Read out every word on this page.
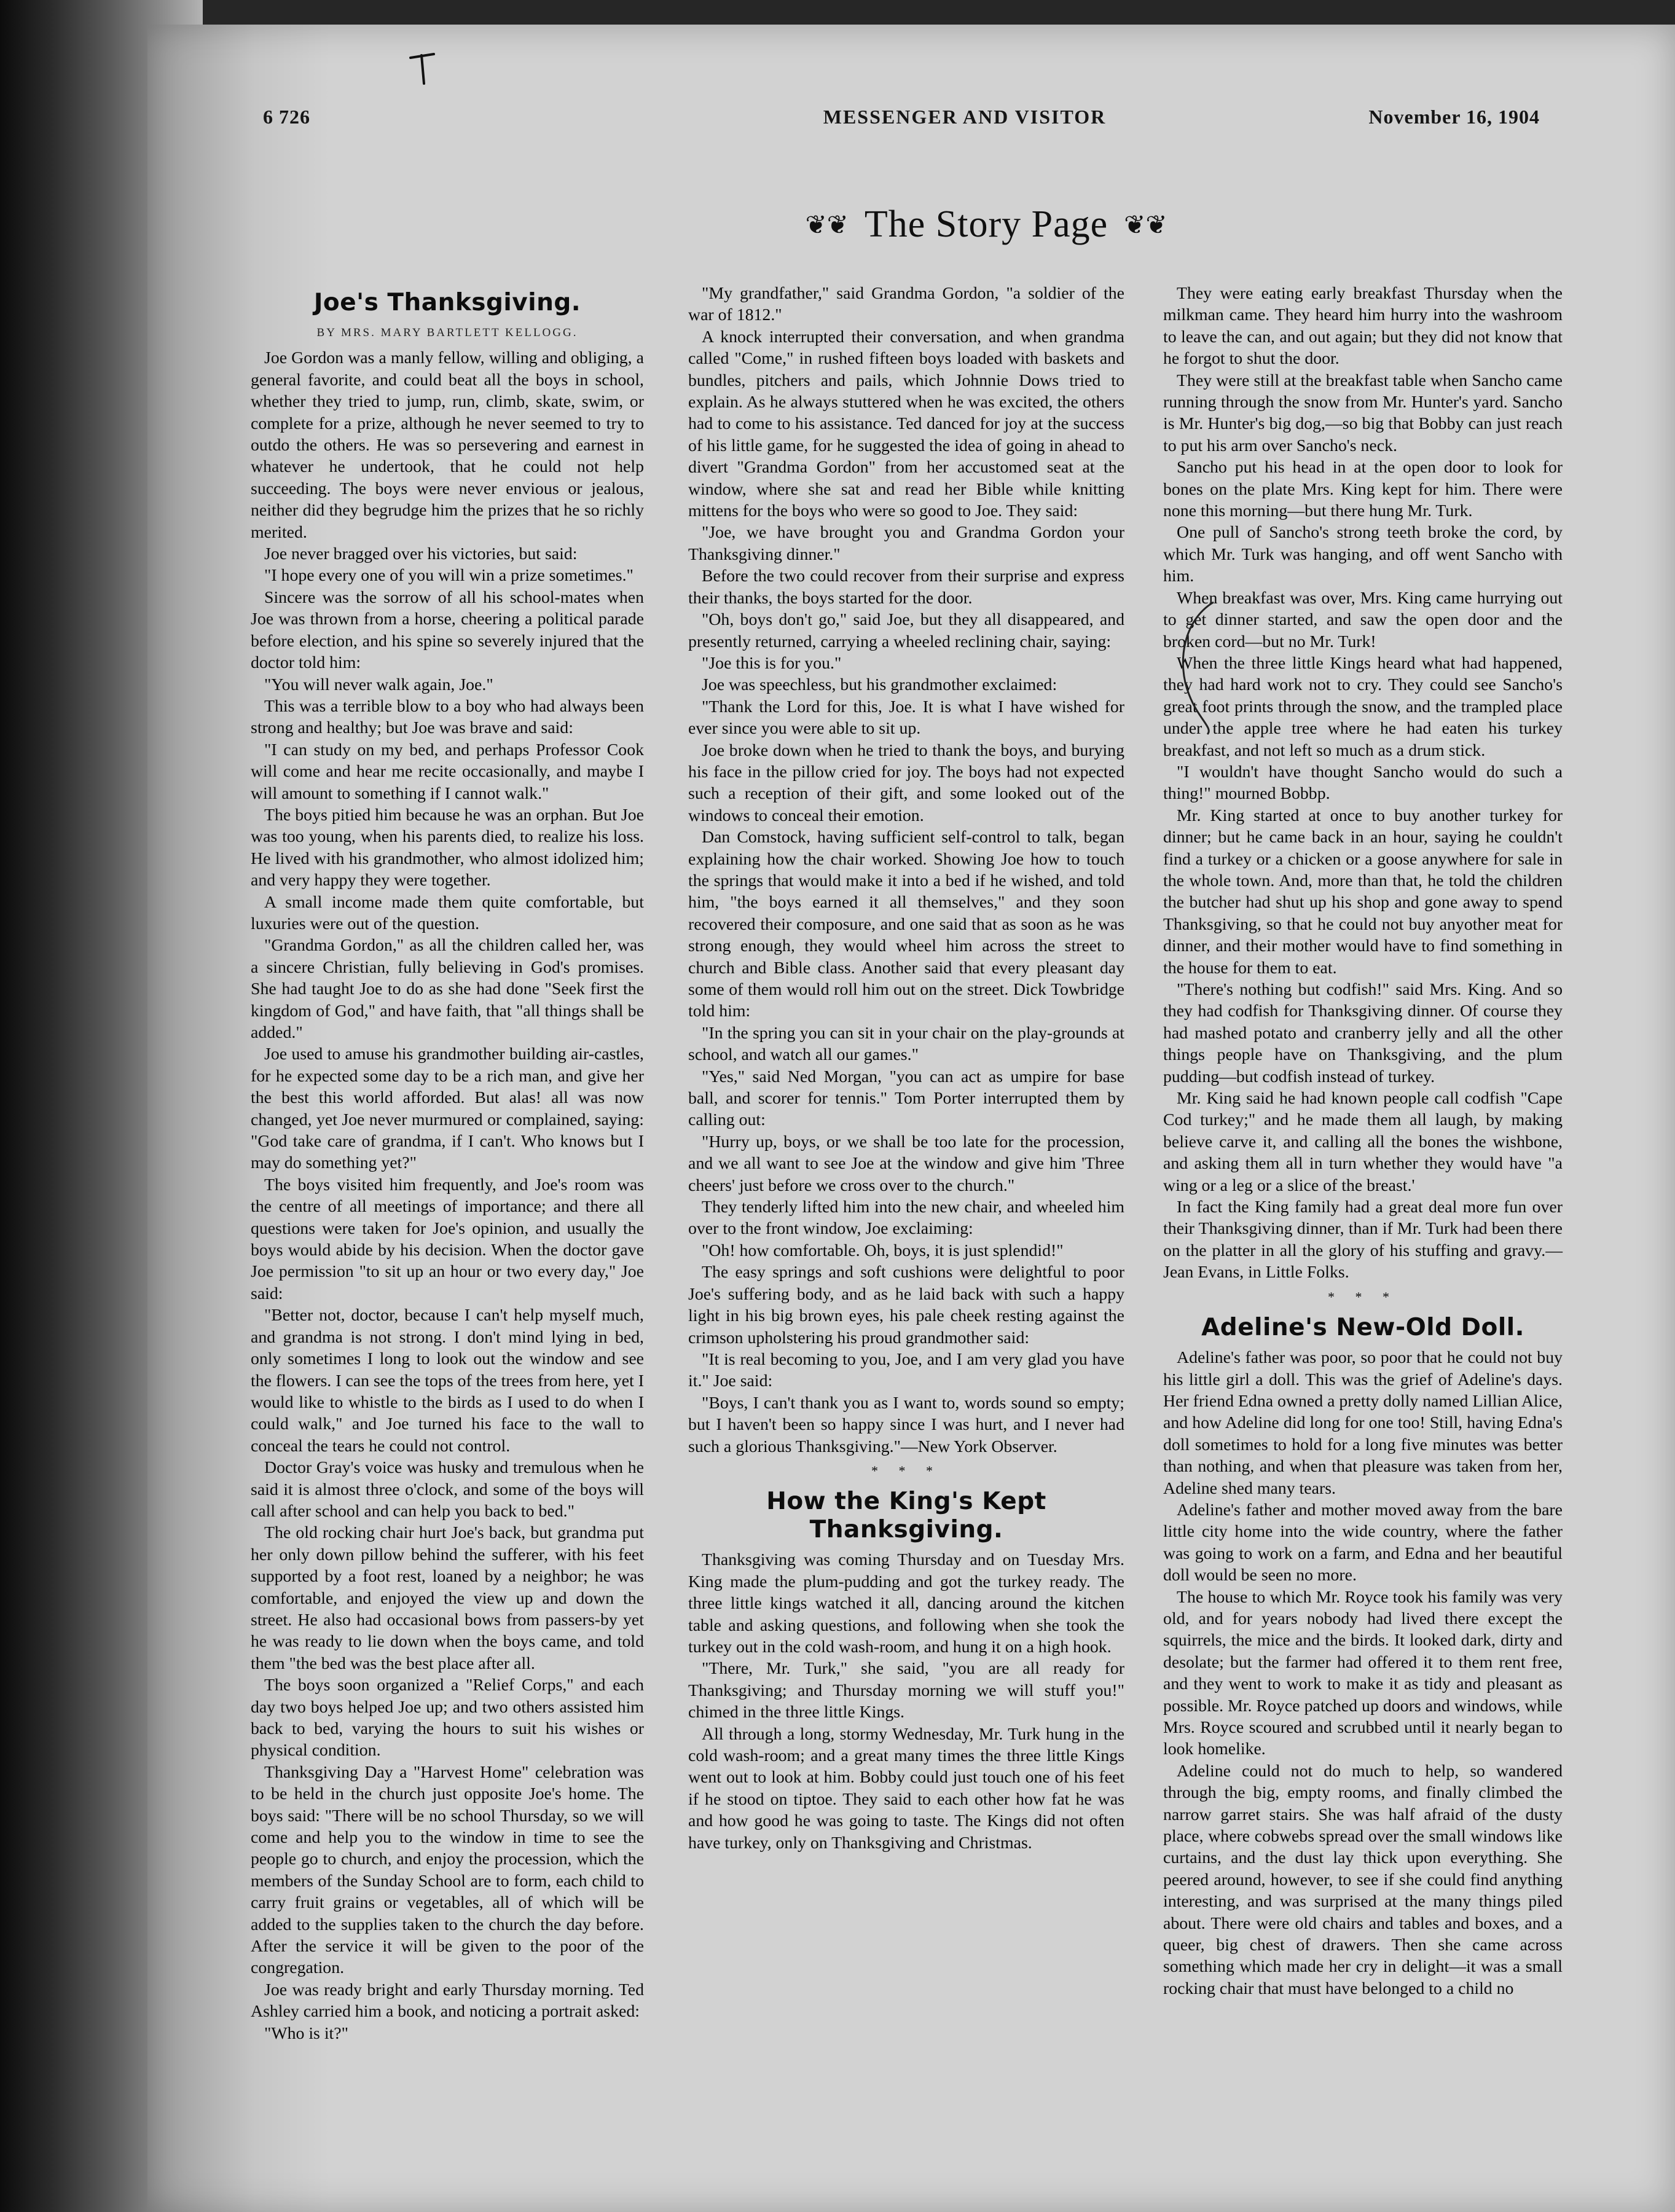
6 726	MESSENGER AND VISITOR	November 16, 1904
❦❦ The Story Page ❦❦
Joe's Thanksgiving.
BY MRS. MARY BARTLETT KELLOGG.

Joe Gordon was a manly fellow, willing and obliging, a general favorite, and could beat all the boys in school, whether they tried to jump, run, climb, skate, swim, or complete for a prize, although he never seemed to try to outdo the others. He was so persevering and earnest in whatever he undertook, that he could not help succeeding. The boys were never envious or jealous, neither did they begrudge him the prizes that he so richly merited.

Joe never bragged over his victories, but said:

"I hope every one of you will win a prize sometimes."

Sincere was the sorrow of all his school-mates when Joe was thrown from a horse, cheering a political parade before election, and his spine so severely injured that the doctor told him:

"You will never walk again, Joe."

This was a terrible blow to a boy who had always been strong and healthy; but Joe was brave and said:

"I can study on my bed, and perhaps Professor Cook will come and hear me recite occasionally, and maybe I will amount to something if I cannot walk."

The boys pitied him because he was an orphan. But Joe was too young, when his parents died, to realize his loss. He lived with his grandmother, who almost idolized him; and very happy they were together.

A small income made them quite comfortable, but luxuries were out of the question.

"Grandma Gordon," as all the children called her, was a sincere Christian, fully believing in God's promises. She had taught Joe to do as she had done "Seek first the kingdom of God," and have faith, that "all things shall be added."

Joe used to amuse his grandmother building air-castles, for he expected some day to be a rich man, and give her the best this world afforded. But alas! all was now changed, yet Joe never murmured or complained, saying: "God take care of grandma, if I can't. Who knows but I may do something yet?"

The boys visited him frequently, and Joe's room was the centre of all meetings of importance; and there all questions were taken for Joe's opinion, and usually the boys would abide by his decision. When the doctor gave Joe permission "to sit up an hour or two every day," Joe said:

"Better not, doctor, because I can't help myself much, and grandma is not strong. I don't mind lying in bed, only sometimes I long to look out the window and see the flowers. I can see the tops of the trees from here, yet I would like to whistle to the birds as I used to do when I could walk," and Joe turned his face to the wall to conceal the tears he could not control.

Doctor Gray's voice was husky and tremulous when he said it is almost three o'clock, and some of the boys will call after school and can help you back to bed."

The old rocking chair hurt Joe's back, but grandma put her only down pillow behind the sufferer, with his feet supported by a foot rest, loaned by a neighbor; he was comfortable, and enjoyed the view up and down the street. He also had occasional bows from passers-by yet he was ready to lie down when the boys came, and told them "the bed was the best place after all.

The boys soon organized a "Relief Corps," and each day two boys helped Joe up; and two others assisted him back to bed, varying the hours to suit his wishes or physical condition.

Thanksgiving Day a "Harvest Home" celebration was to be held in the church just opposite Joe's home. The boys said: "There will be no school Thursday, so we will come and help you to the window in time to see the people go to church, and enjoy the procession, which the members of the Sunday School are to form, each child to carry fruit grains or vegetables, all of which will be added to the supplies taken to the church the day before. After the service it will be given to the poor of the congregation.

Joe was ready bright and early Thursday morning. Ted Ashley carried him a book, and noticing a portrait asked:

"Who is it?"

"My grandfather," said Grandma Gordon, "a soldier of the war of 1812."

A knock interrupted their conversation, and when grandma called "Come," in rushed fifteen boys loaded with baskets and bundles, pitchers and pails, which Johnnie Dows tried to explain. As he always stuttered when he was excited, the others had to come to his assistance. Ted danced for joy at the success of his little game, for he suggested the idea of going in ahead to divert "Grandma Gordon" from her accustomed seat at the window, where she sat and read her Bible while knitting mittens for the boys who were so good to Joe. They said:

"Joe, we have brought you and Grandma Gordon your Thanksgiving dinner."

Before the two could recover from their surprise and express their thanks, the boys started for the door.

"Oh, boys don't go," said Joe, but they all disappeared, and presently returned, carrying a wheeled reclining chair, saying:

"Joe this is for you."

Joe was speechless, but his grandmother exclaimed:

"Thank the Lord for this, Joe. It is what I have wished for ever since you were able to sit up.

Joe broke down when he tried to thank the boys, and burying his face in the pillow cried for joy. The boys had not expected such a reception of their gift, and some looked out of the windows to conceal their emotion.

Dan Comstock, having sufficient self-control to talk, began explaining how the chair worked. Showing Joe how to touch the springs that would make it into a bed if he wished, and told him, "the boys earned it all themselves," and they soon recovered their composure, and one said that as soon as he was strong enough, they would wheel him across the street to church and Bible class. Another said that every pleasant day some of them would roll him out on the street. Dick Towbridge told him:

"In the spring you can sit in your chair on the play-grounds at school, and watch all our games."

"Yes," said Ned Morgan, "you can act as umpire for base ball, and scorer for tennis." Tom Porter interrupted them by calling out:

"Hurry up, boys, or we shall be too late for the procession, and we all want to see Joe at the window and give him 'Three cheers' just before we cross over to the church."

They tenderly lifted him into the new chair, and wheeled him over to the front window, Joe exclaiming:

"Oh! how comfortable. Oh, boys, it is just splendid!"

The easy springs and soft cushions were delightful to poor Joe's suffering body, and as he laid back with such a happy light in his big brown eyes, his pale cheek resting against the crimson upholstering his proud grandmother said:

"It is real becoming to you, Joe, and I am very glad you have it." Joe said:

"Boys, I can't thank you as I want to, words sound so empty; but I haven't been so happy since I was hurt, and I never had such a glorious Thanksgiving."—New York Observer.

* * *
How the King's Kept Thanksgiving.

Thanksgiving was coming Thursday and on Tuesday Mrs. King made the plum-pudding and got the turkey ready. The three little kings watched it all, dancing around the kitchen table and asking questions, and following when she took the turkey out in the cold wash-room, and hung it on a high hook.

"There, Mr. Turk," she said, "you are all ready for Thanksgiving; and Thursday morning we will stuff you!" chimed in the three little Kings.

All through a long, stormy Wednesday, Mr. Turk hung in the cold wash-room; and a great many times the three little Kings went out to look at him. Bobby could just touch one of his feet if he stood on tiptoe. They said to each other how fat he was and how good he was going to taste. The Kings did not often have turkey, only on Thanksgiving and Christmas.

They were eating early breakfast Thursday when the milkman came. They heard him hurry into the washroom to leave the can, and out again; but they did not know that he forgot to shut the door.

They were still at the breakfast table when Sancho came running through the snow from Mr. Hunter's yard. Sancho is Mr. Hunter's big dog,—so big that Bobby can just reach to put his arm over Sancho's neck.

Sancho put his head in at the open door to look for bones on the plate Mrs. King kept for him. There were none this morning—but there hung Mr. Turk.

One pull of Sancho's strong teeth broke the cord, by which Mr. Turk was hanging, and off went Sancho with him.

When breakfast was over, Mrs. King came hurrying out to get dinner started, and saw the open door and the broken cord—but no Mr. Turk!

When the three little Kings heard what had happened, they had hard work not to cry. They could see Sancho's great foot prints through the snow, and the trampled place under the apple tree where he had eaten his turkey breakfast, and not left so much as a drum stick.

"I wouldn't have thought Sancho would do such a thing!" mourned Bobbp.

Mr. King started at once to buy another turkey for dinner; but he came back in an hour, saying he couldn't find a turkey or a chicken or a goose anywhere for sale in the whole town. And, more than that, he told the children the butcher had shut up his shop and gone away to spend Thanksgiving, so that he could not buy anyother meat for dinner, and their mother would have to find something in the house for them to eat.

"There's nothing but codfish!" said Mrs. King. And so they had codfish for Thanksgiving dinner. Of course they had mashed potato and cranberry jelly and all the other things people have on Thanksgiving, and the plum pudding—but codfish instead of turkey.

Mr. King said he had known people call codfish "Cape Cod turkey;" and he made them all laugh, by making believe carve it, and calling all the bones the wishbone, and asking them all in turn whether they would have "a wing or a leg or a slice of the breast.'

In fact the King family had a great deal more fun over their Thanksgiving dinner, than if Mr. Turk had been there on the platter in all the glory of his stuffing and gravy.—Jean Evans, in Little Folks.

* * *
Adeline's New-Old Doll.

Adeline's father was poor, so poor that he could not buy his little girl a doll. This was the grief of Adeline's days. Her friend Edna owned a pretty dolly named Lillian Alice, and how Adeline did long for one too! Still, having Edna's doll sometimes to hold for a long five minutes was better than nothing, and when that pleasure was taken from her, Adeline shed many tears.

Adeline's father and mother moved away from the bare little city home into the wide country, where the father was going to work on a farm, and Edna and her beautiful doll would be seen no more.

The house to which Mr. Royce took his family was very old, and for years nobody had lived there except the squirrels, the mice and the birds. It looked dark, dirty and desolate; but the farmer had offered it to them rent free, and they went to work to make it as tidy and pleasant as possible. Mr. Royce patched up doors and windows, while Mrs. Royce scoured and scrubbed until it nearly began to look homelike.

Adeline could not do much to help, so wandered through the big, empty rooms, and finally climbed the narrow garret stairs. She was half afraid of the dusty place, where cobwebs spread over the small windows like curtains, and the dust lay thick upon everything. She peered around, however, to see if she could find anything interesting, and was surprised at the many things piled about. There were old chairs and tables and boxes, and a queer, big chest of drawers. Then she came across something which made her cry in delight—it was a small rocking chair that must have belonged to a child no
